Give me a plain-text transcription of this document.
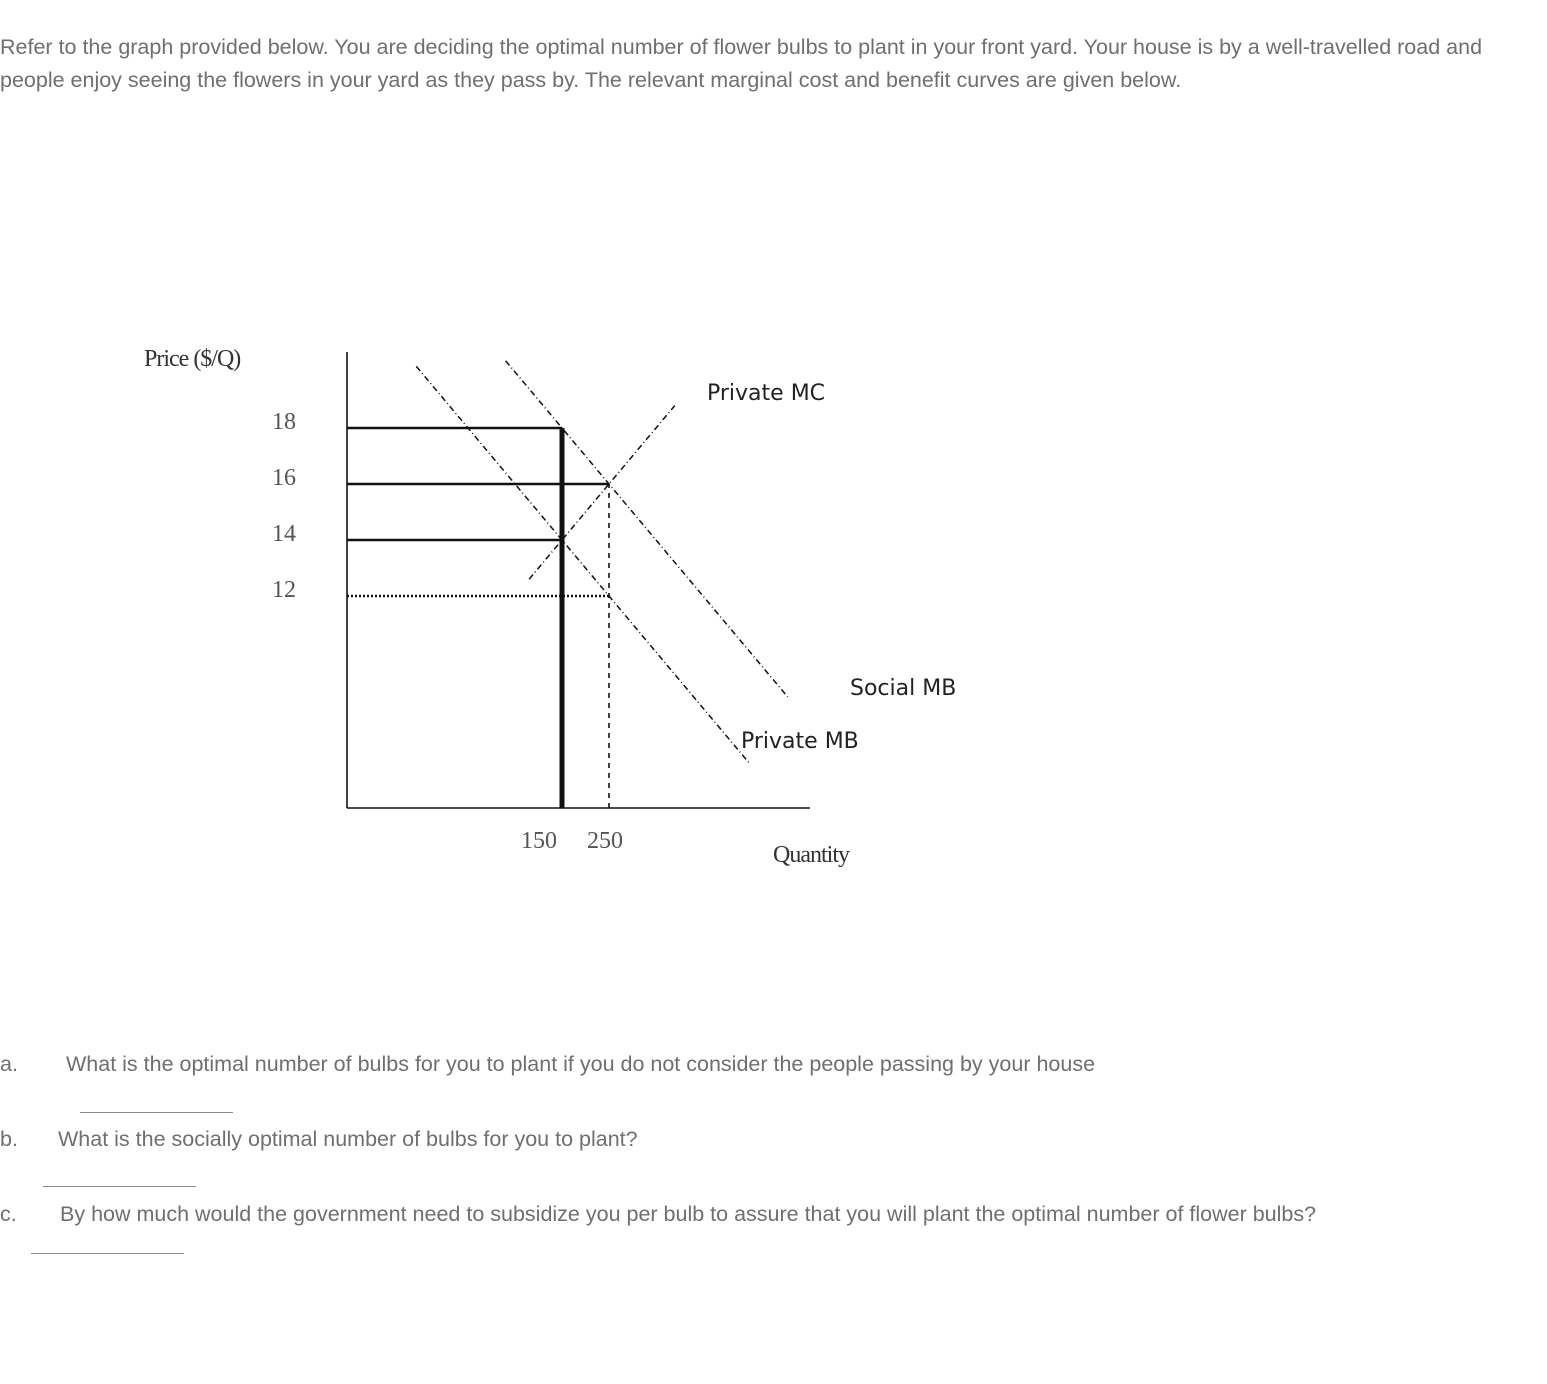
Refer to the graph provided below. You are deciding the optimal number of flower bulbs to plant in your front yard. Your house is by a well-travelled road and people enjoy seeing the flowers in your yard as they pass by. The relevant marginal cost and benefit curves are given below.

Private MC
Social MB
Private MB
18
16
14
12
150 250
Price ($/Q)
Quantity
a. What is the optimal number of bulbs for you to plant if you do not consider the people passing by your house
b. What is the socially optimal number of bulbs for you to plant?
c. By how much would the government need to subsidize you per bulb to assure that you will plant the optimal number of flower bulbs?
